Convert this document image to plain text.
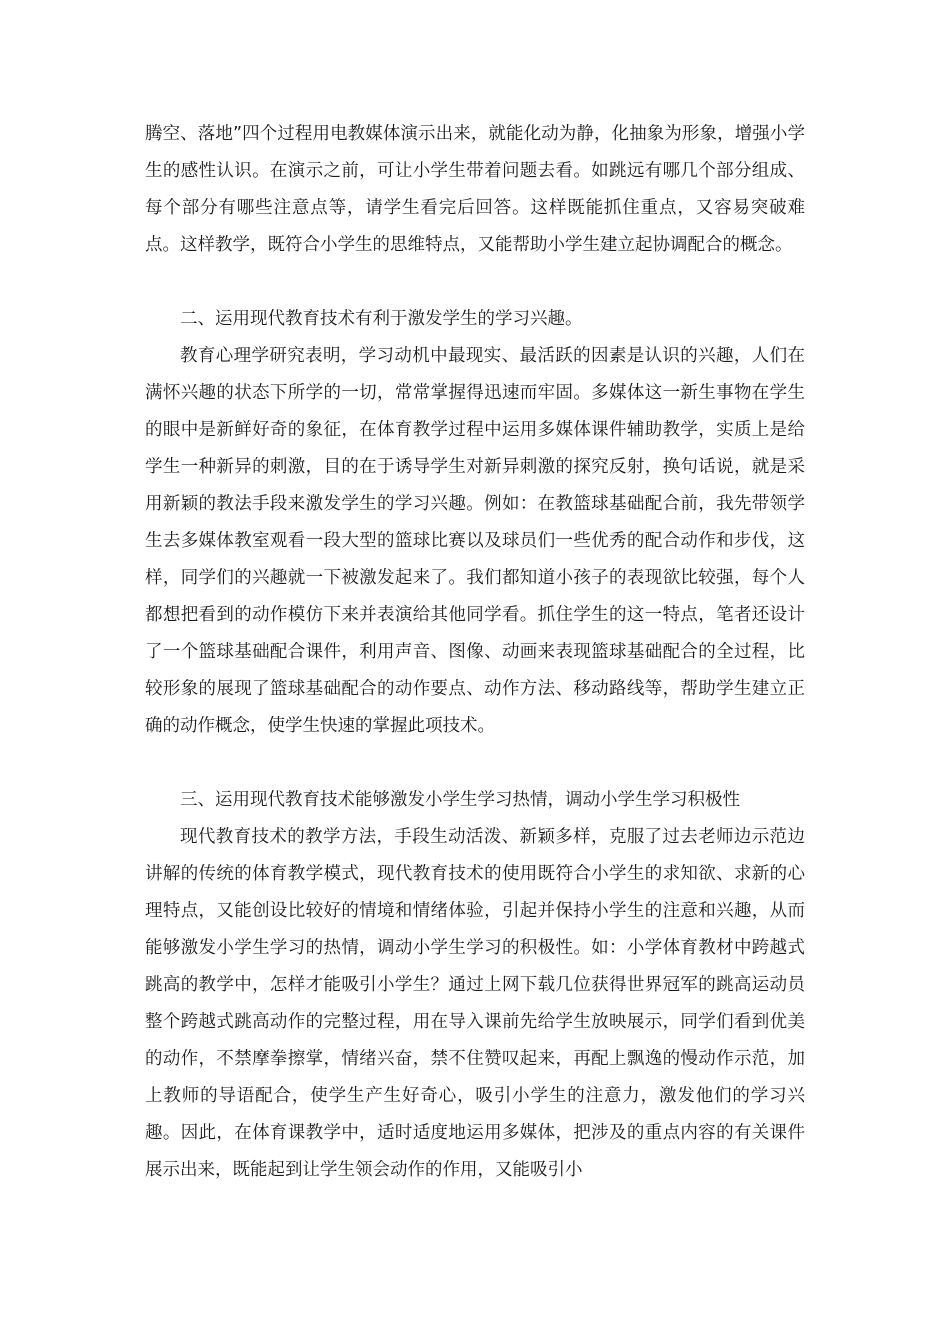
腾空、落地”四个过程用电教媒体演示出来，就能化动为静，化抽象为形象，增强小学生的感性认识。在演示之前，可让小学生带着问题去看。如跳远有哪几个部分组成、每个部分有哪些注意点等，请学生看完后回答。这样既能抓住重点，又容易突破难点。这样教学，既符合小学生的思维特点，又能帮助小学生建立起协调配合的概念。

二、运用现代教育技术有利于激发学生的学习兴趣。

教育心理学研究表明，学习动机中最现实、最活跃的因素是认识的兴趣，人们在满怀兴趣的状态下所学的一切，常常掌握得迅速而牢固。多媒体这一新生事物在学生的眼中是新鲜好奇的象征，在体育教学过程中运用多媒体课件辅助教学，实质上是给学生一种新异的刺激，目的在于诱导学生对新异刺激的探究反射，换句话说，就是采用新颖的教法手段来激发学生的学习兴趣。例如：在教篮球基础配合前，我先带领学生去多媒体教室观看一段大型的篮球比赛以及球员们一些优秀的配合动作和步伐，这样，同学们的兴趣就一下被激发起来了。我们都知道小孩子的表现欲比较强，每个人都想把看到的动作模仿下来并表演给其他同学看。抓住学生的这一特点，笔者还设计了一个篮球基础配合课件，利用声音、图像、动画来表现篮球基础配合的全过程，比较形象的展现了篮球基础配合的动作要点、动作方法、移动路线等，帮助学生建立正确的动作概念，使学生快速的掌握此项技术。

三、运用现代教育技术能够激发小学生学习热情，调动小学生学习积极性

现代教育技术的教学方法，手段生动活泼、新颖多样，克服了过去老师边示范边讲解的传统的体育教学模式，现代教育技术的使用既符合小学生的求知欲、求新的心理特点，又能创设比较好的情境和情绪体验，引起并保持小学生的注意和兴趣，从而能够激发小学生学习的热情，调动小学生学习的积极性。如：小学体育教材中跨越式跳高的教学中，怎样才能吸引小学生？通过上网下载几位获得世界冠军的跳高运动员整个跨越式跳高动作的完整过程，用在导入课前先给学生放映展示，同学们看到优美的动作，不禁摩拳擦掌，情绪兴奋，禁不住赞叹起来，再配上飘逸的慢动作示范，加上教师的导语配合，使学生产生好奇心，吸引小学生的注意力，激发他们的学习兴趣。因此，在体育课教学中，适时适度地运用多媒体，把涉及的重点内容的有关课件展示出来，既能起到让学生领会动作的作用，又能吸引小
